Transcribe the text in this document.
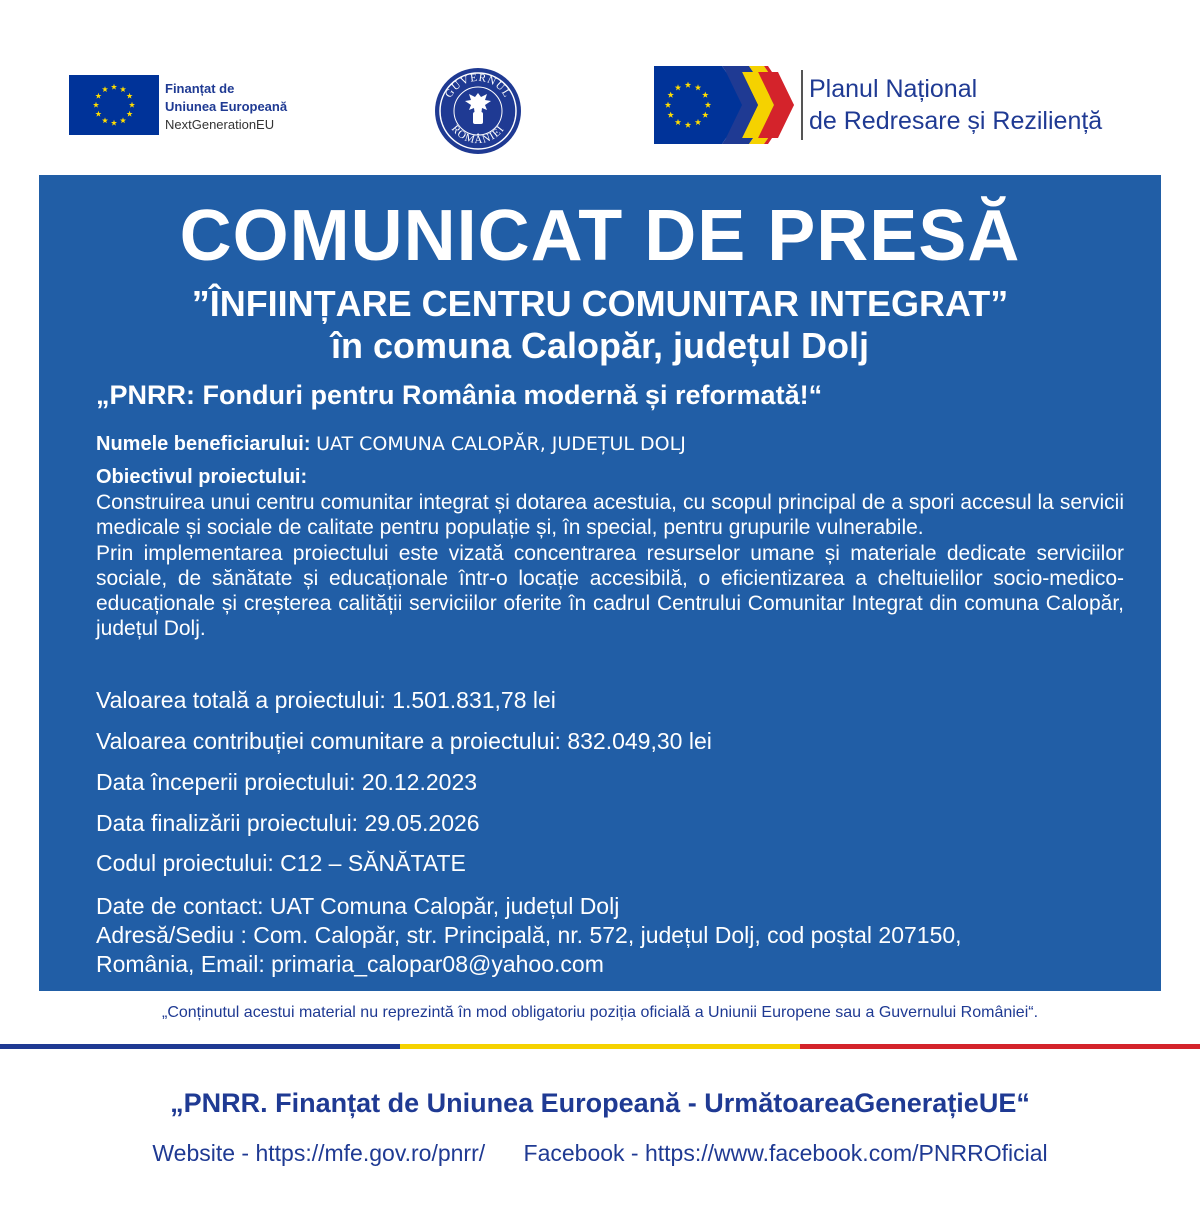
Finanțat de
Uniunea Europeană
NextGenerationEU
GUVERNUL
ROMÂNIEI
Planul Național
de Redresare și Reziliență
COMUNICAT DE PRESĂ
”ÎNFIINȚARE CENTRU COMUNITAR INTEGRAT”
în comuna Calopăr, județul Dolj
„PNRR: Fonduri pentru România modernă și reformată!“
Numele beneficiarului: UAT COMUNA CALOPĂR, JUDEȚUL DOLJ
Obiectivul proiectului:

Construirea unui centru comunitar integrat și dotarea acestuia, cu scopul principal de a spori accesul la servicii medicale și sociale de calitate pentru populație și, în special, pentru grupurile vulnerabile.

Prin implementarea proiectului este vizată concentrarea resurselor umane și materiale dedicate serviciilor sociale, de sănătate și educaționale într-o locație accesibilă, o eficientizarea a cheltuielilor socio-medico-educaționale și creșterea calității serviciilor oferite în cadrul Centrului Comunitar Integrat din comuna Calopăr, județul Dolj.

Valoarea totală a proiectului: 1.501.831,78 lei
Valoarea contribuției comunitare a proiectului: 832.049,30 lei
Data începerii proiectului: 20.12.2023
Data finalizării proiectului: 29.05.2026
Codul proiectului: C12 – SĂNĂTATE
Date de contact: UAT Comuna Calopăr, județul Dolj
Adresă/Sediu : Com. Calopăr, str. Principală, nr. 572, județul Dolj, cod poștal 207150,
România, Email: primaria_calopar08@yahoo.com
„Conținutul acestui material nu reprezintă în mod obligatoriu poziția oficială a Uniunii Europene sau a Guvernului României“.
„PNRR. Finanțat de Uniunea Europeană - UrmătoareaGenerațieUE“
Website - https://mfe.gov.ro/pnrr/ Facebook - https://www.facebook.com/PNRROficial
